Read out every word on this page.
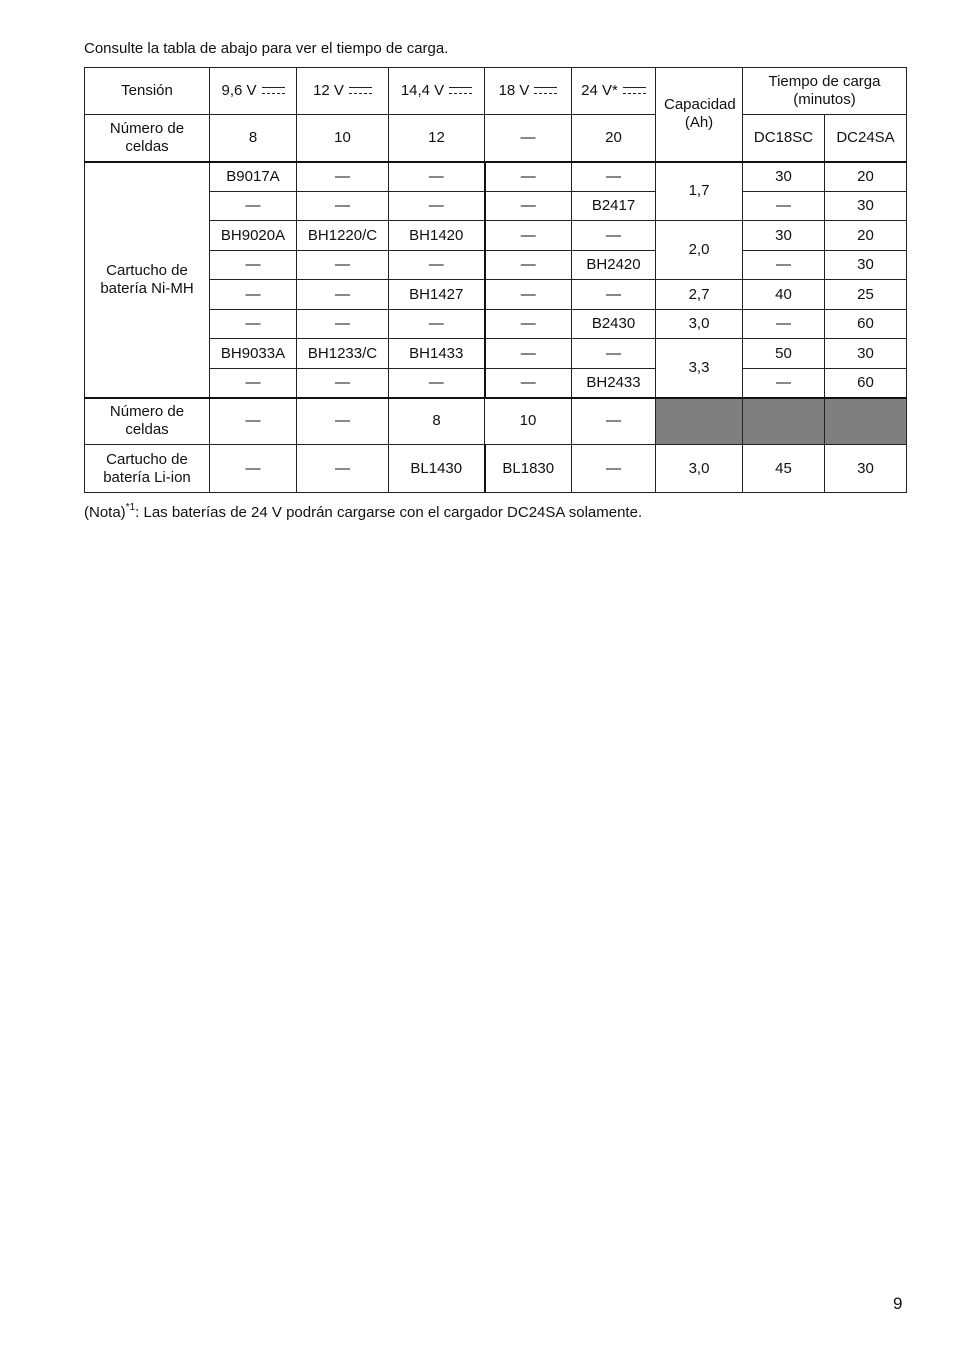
Consulte la tabla de abajo para ver el tiempo de carga.

Tensión	9,6 V	12 V	14,4 V	18 V	24 V*	Capacidad (Ah)	Tiempo de carga (minutos)	

Número de celdas	8	10	12	—	20		DC18SC	DC24SA

Cartucho de batería Ni-MH	B9017A	—	—	—	—	1,7	30	20
	—	—	—	—	B2417		—	30
	BH9020A	BH1220/C	BH1420	—	—	2,0	30	20
	—	—	—	—	BH2420		—	30
	—	—	BH1427	—	—	2,7	40	25
	—	—	—	—	B2430	3,0	—	60
	BH9033A	BH1233/C	BH1433	—	—	3,3	50	30
	—	—	—	—	BH2433		—	60

Número de celdas	—	—	8	10	—			

Cartucho de batería Li-ion	—	—	BL1430	BL1830	—	3,0	45	30

(Nota)$^{*1}$: Las baterías de 24 V podrán cargarse con el cargador DC24SA solamente.

9
